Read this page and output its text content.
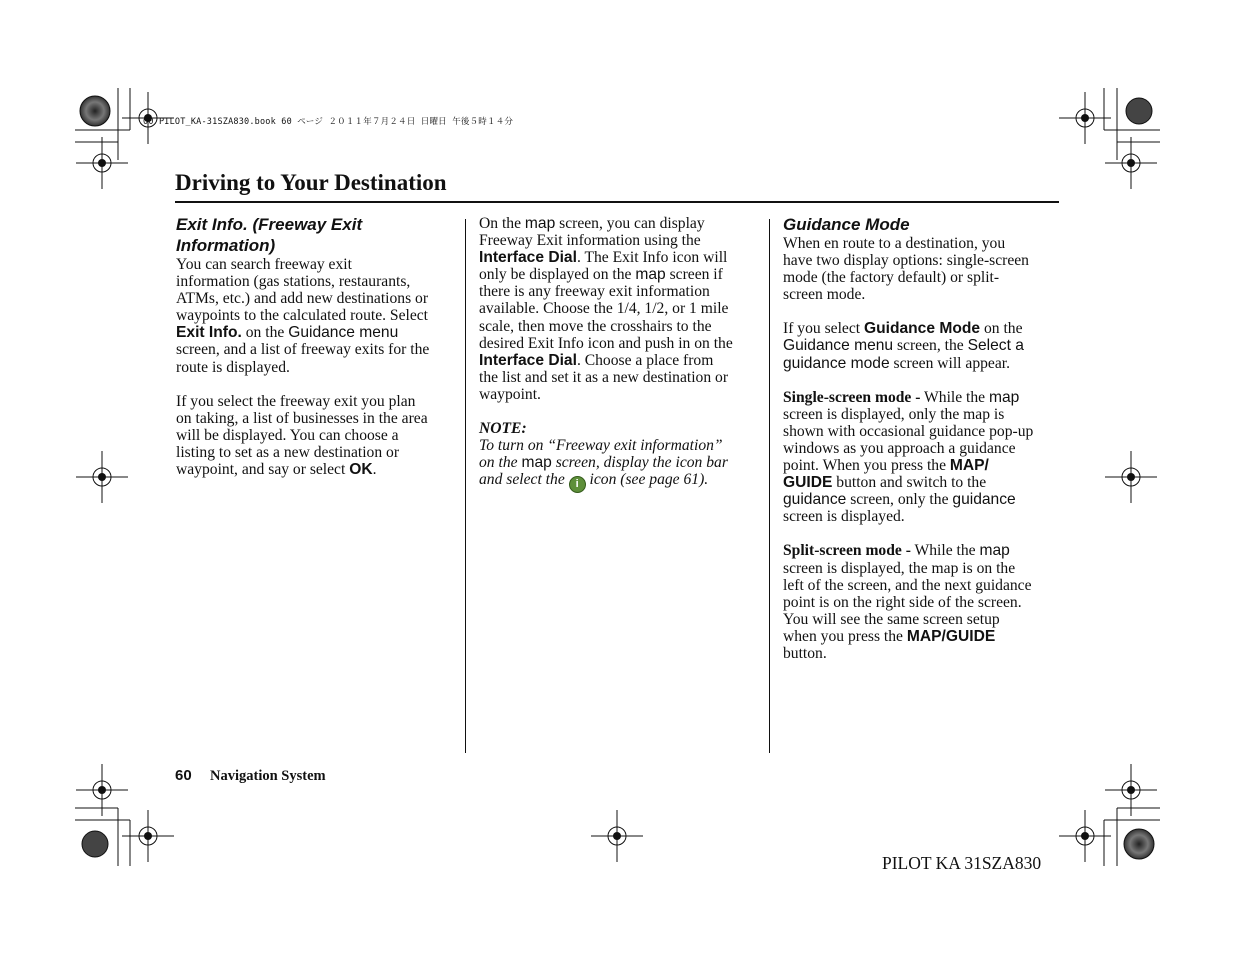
00 PILOT_KA-31SZA830.book 60 ページ ２０１１年７月２４日 日曜日 午後５時１４分
Driving to Your Destination
Exit Info. (Freeway Exit
Information)

You can search freeway exit

information (gas stations, restaurants,

ATMs, etc.) and add new destinations or

waypoints to the calculated route. Select

Exit Info. on the Guidance menu

screen, and a list of freeway exits for the

route is displayed.

If you select the freeway exit you plan

on taking, a list of businesses in the area

will be displayed. You can choose a

listing to set as a new destination or

waypoint, and say or select OK.

On the map screen, you can display

Freeway Exit information using the

Interface Dial. The Exit Info icon will

only be displayed on the map screen if

there is any freeway exit information

available. Choose the 1/4, 1/2, or 1 mile

scale, then move the crosshairs to the

desired Exit Info icon and push in on the

Interface Dial. Choose a place from

the list and set it as a new destination or

waypoint.

NOTE:

To turn on “Freeway exit information”

on the map screen, display the icon bar

and select the i icon (see page 61).

Guidance Mode

When en route to a destination, you

have two display options: single-screen

mode (the factory default) or split-

screen mode.

If you select Guidance Mode on the

Guidance menu screen, the Select a

guidance mode screen will appear.

Single-screen mode - While the map

screen is displayed, only the map is

shown with occasional guidance pop-up

windows as you approach a guidance

point. When you press the MAP/

GUIDE button and switch to the

guidance screen, only the guidance

screen is displayed.

Split-screen mode - While the map

screen is displayed, the map is on the

left of the screen, and the next guidance

point is on the right side of the screen.

You will see the same screen setup

when you press the MAP/GUIDE

button.

60 Navigation System
PILOT KA 31SZA830
